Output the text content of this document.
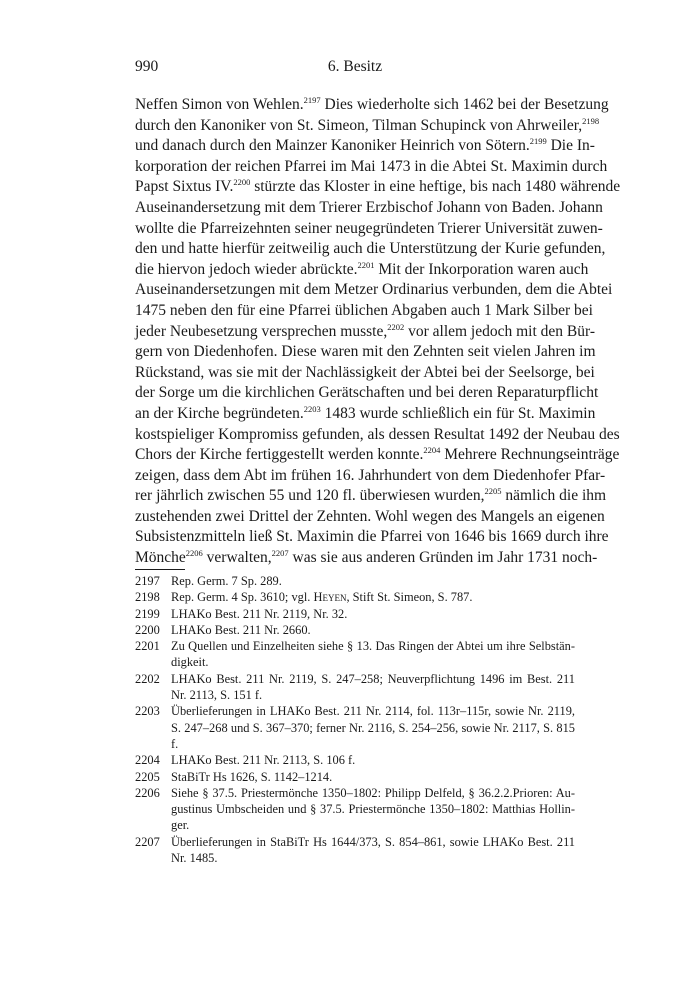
990	6. Besitz
Neffen Simon von Wehlen.$^{2197}$ Dies wiederholte sich 1462 bei der Besetzung
durch den Kanoniker von St. Simeon, Tilman Schupinck von Ahrweiler,$^{2198}$
und danach durch den Mainzer Kanoniker Heinrich von Sötern.$^{2199}$ Die In-
korporation der reichen Pfarrei im Mai 1473 in die Abtei St. Maximin durch
Papst Sixtus IV.$^{2200}$ stürzte das Kloster in eine heftige, bis nach 1480 währende
Auseinandersetzung mit dem Trierer Erzbischof Johann von Baden. Johann
wollte die Pfarreizehnten seiner neugegründeten Trierer Universität zuwen-
den und hatte hierfür zeitweilig auch die Unterstützung der Kurie gefunden,
die hiervon jedoch wieder abrückte.$^{2201}$ Mit der Inkorporation waren auch
Auseinandersetzungen mit dem Metzer Ordinarius verbunden, dem die Abtei
1475 neben den für eine Pfarrei üblichen Abgaben auch 1 Mark Silber bei
jeder Neubesetzung versprechen musste,$^{2202}$ vor allem jedoch mit den Bür-
gern von Diedenhofen. Diese waren mit den Zehnten seit vielen Jahren im
Rückstand, was sie mit der Nachlässigkeit der Abtei bei der Seelsorge, bei
der Sorge um die kirchlichen Gerätschaften und bei deren Reparaturpflicht
an der Kirche begründeten.$^{2203}$ 1483 wurde schließlich ein für St. Maximin
kostspieliger Kompromiss gefunden, als dessen Resultat 1492 der Neubau des
Chors der Kirche fertiggestellt werden konnte.$^{2204}$ Mehrere Rechnungseinträge
zeigen, dass dem Abt im frühen 16. Jahrhundert von dem Diedenhofer Pfar-
rer jährlich zwischen 55 und 120 fl. überwiesen wurden,$^{2205}$ nämlich die ihm
zustehenden zwei Drittel der Zehnten. Wohl wegen des Mangels an eigenen
Subsistenzmitteln ließ St. Maximin die Pfarrei von 1646 bis 1669 durch ihre
Mönche$^{2206}$ verwalten,$^{2207}$ was sie aus anderen Gründen im Jahr 1731 noch-
2197 Rep. Germ. 7 Sp. 289.
2198 Rep. Germ. 4 Sp. 3610; vgl. Heyen, Stift St. Simeon, S. 787.
2199 LHAKo Best. 211 Nr. 2119, Nr. 32.
2200 LHAKo Best. 211 Nr. 2660.
2201 Zu Quellen und Einzelheiten siehe § 13. Das Ringen der Abtei um ihre Selbständigkeit.
2202 LHAKo Best. 211 Nr. 2119, S. 247–258; Neuverpflichtung 1496 im Best. 211 Nr. 2113, S. 151 f.
2203 Überlieferungen in LHAKo Best. 211 Nr. 2114, fol. 113r–115r, sowie Nr. 2119, S. 247–268 und S. 367–370; ferner Nr. 2116, S. 254–256, sowie Nr. 2117, S. 815 f.
2204 LHAKo Best. 211 Nr. 2113, S. 106 f.
2205 StaBiTr Hs 1626, S. 1142–1214.
2206 Siehe § 37.5. Priestermönche 1350–1802: Philipp Delfeld, § 36.2.2.Prioren: Augustinus Umbscheiden und § 37.5. Priestermönche 1350–1802: Matthias Hollinger.
2207 Überlieferungen in StaBiTr Hs 1644/373, S. 854–861, sowie LHAKo Best. 211 Nr. 1485.
